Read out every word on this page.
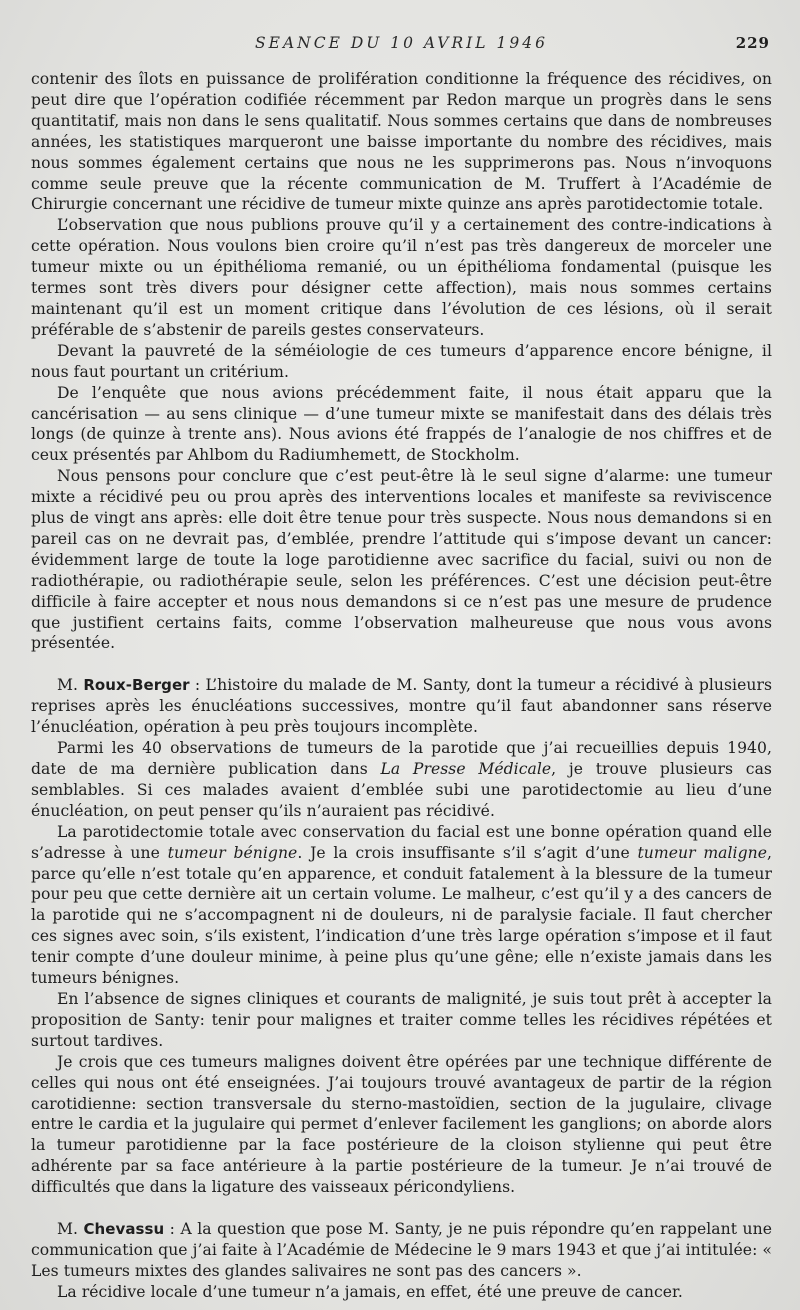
SEANCE DU 10 AVRIL 1946	229

contenir des îlots en puissance de prolifération conditionne la fréquence des récidives, on peut dire que l’opération codifiée récemment par Redon marque un progrès dans le sens quantitatif, mais non dans le sens qualitatif. Nous sommes certains que dans de nombreuses années, les statistiques marqueront une baisse importante du nombre des récidives, mais nous sommes également certains que nous ne les supprimerons pas. Nous n’invoquons comme seule preuve que la récente communication de M. Truffert à l’Académie de Chirurgie concernant une récidive de tumeur mixte quinze ans après parotidectomie totale.

L’observation que nous publions prouve qu’il y a certainement des contre-indications à cette opération. Nous voulons bien croire qu’il n’est pas très dangereux de morceler une tumeur mixte ou un épithélioma remanié, ou un épithélioma fondamental (puisque les termes sont très divers pour désigner cette affection), mais nous sommes certains maintenant qu’il est un moment critique dans l’évolution de ces lésions, où il serait préférable de s’abstenir de pareils gestes conservateurs.

Devant la pauvreté de la séméiologie de ces tumeurs d’apparence encore bénigne, il nous faut pourtant un critérium.

De l’enquête que nous avions précédemment faite, il nous était apparu que la cancérisation — au sens clinique — d’une tumeur mixte se manifestait dans des délais très longs (de quinze à trente ans). Nous avions été frappés de l’analogie de nos chiffres et de ceux présentés par Ahlbom du Radiumhemett, de Stockholm.

Nous pensons pour conclure que c’est peut-être là le seul signe d’alarme: une tumeur mixte a récidivé peu ou prou après des interventions locales et manifeste sa reviviscence plus de vingt ans après: elle doit être tenue pour très suspecte. Nous nous demandons si en pareil cas on ne devrait pas, d’emblée, prendre l’attitude qui s’impose devant un cancer: évidemment large de toute la loge parotidienne avec sacrifice du facial, suivi ou non de radiothérapie, ou radiothérapie seule, selon les préférences. C’est une décision peut-être difficile à faire accepter et nous nous demandons si ce n’est pas une mesure de prudence que justifient certains faits, comme l’observation malheureuse que nous vous avons présentée.

M. Roux-Berger : L’histoire du malade de M. Santy, dont la tumeur a récidivé à plusieurs reprises après les énucléations successives, montre qu’il faut abandonner sans réserve l’énucléation, opération à peu près toujours incomplète.

Parmi les 40 observations de tumeurs de la parotide que j’ai recueillies depuis 1940, date de ma dernière publication dans La Presse Médicale, je trouve plusieurs cas semblables. Si ces malades avaient d’emblée subi une parotidectomie au lieu d’une énucléation, on peut penser qu’ils n’auraient pas récidivé.

La parotidectomie totale avec conservation du facial est une bonne opération quand elle s’adresse à une tumeur bénigne. Je la crois insuffisante s’il s’agit d’une tumeur maligne, parce qu’elle n’est totale qu’en apparence, et conduit fatalement à la blessure de la tumeur pour peu que cette dernière ait un certain volume. Le malheur, c’est qu’il y a des cancers de la parotide qui ne s’accompagnent ni de douleurs, ni de paralysie faciale. Il faut chercher ces signes avec soin, s’ils existent, l’indication d’une très large opération s’impose et il faut tenir compte d’une douleur minime, à peine plus qu’une gêne; elle n’existe jamais dans les tumeurs bénignes.

En l’absence de signes cliniques et courants de malignité, je suis tout prêt à accepter la proposition de Santy: tenir pour malignes et traiter comme telles les récidives répétées et surtout tardives.

Je crois que ces tumeurs malignes doivent être opérées par une technique différente de celles qui nous ont été enseignées. J’ai toujours trouvé avantageux de partir de la région carotidienne: section transversale du sterno-mastoïdien, section de la jugulaire, clivage entre le cardia et la jugulaire qui permet d’enlever facilement les ganglions; on aborde alors la tumeur parotidienne par la face postérieure de la cloison stylienne qui peut être adhérente par sa face antérieure à la partie postérieure de la tumeur. Je n’ai trouvé de difficultés que dans la ligature des vaisseaux péricondyliens.

M. Chevassu : A la question que pose M. Santy, je ne puis répondre qu’en rappelant une communication que j’ai faite à l’Académie de Médecine le 9 mars 1943 et que j’ai intitulée: « Les tumeurs mixtes des glandes salivaires ne sont pas des cancers ».

La récidive locale d’une tumeur n’a jamais, en effet, été une preuve de cancer.
